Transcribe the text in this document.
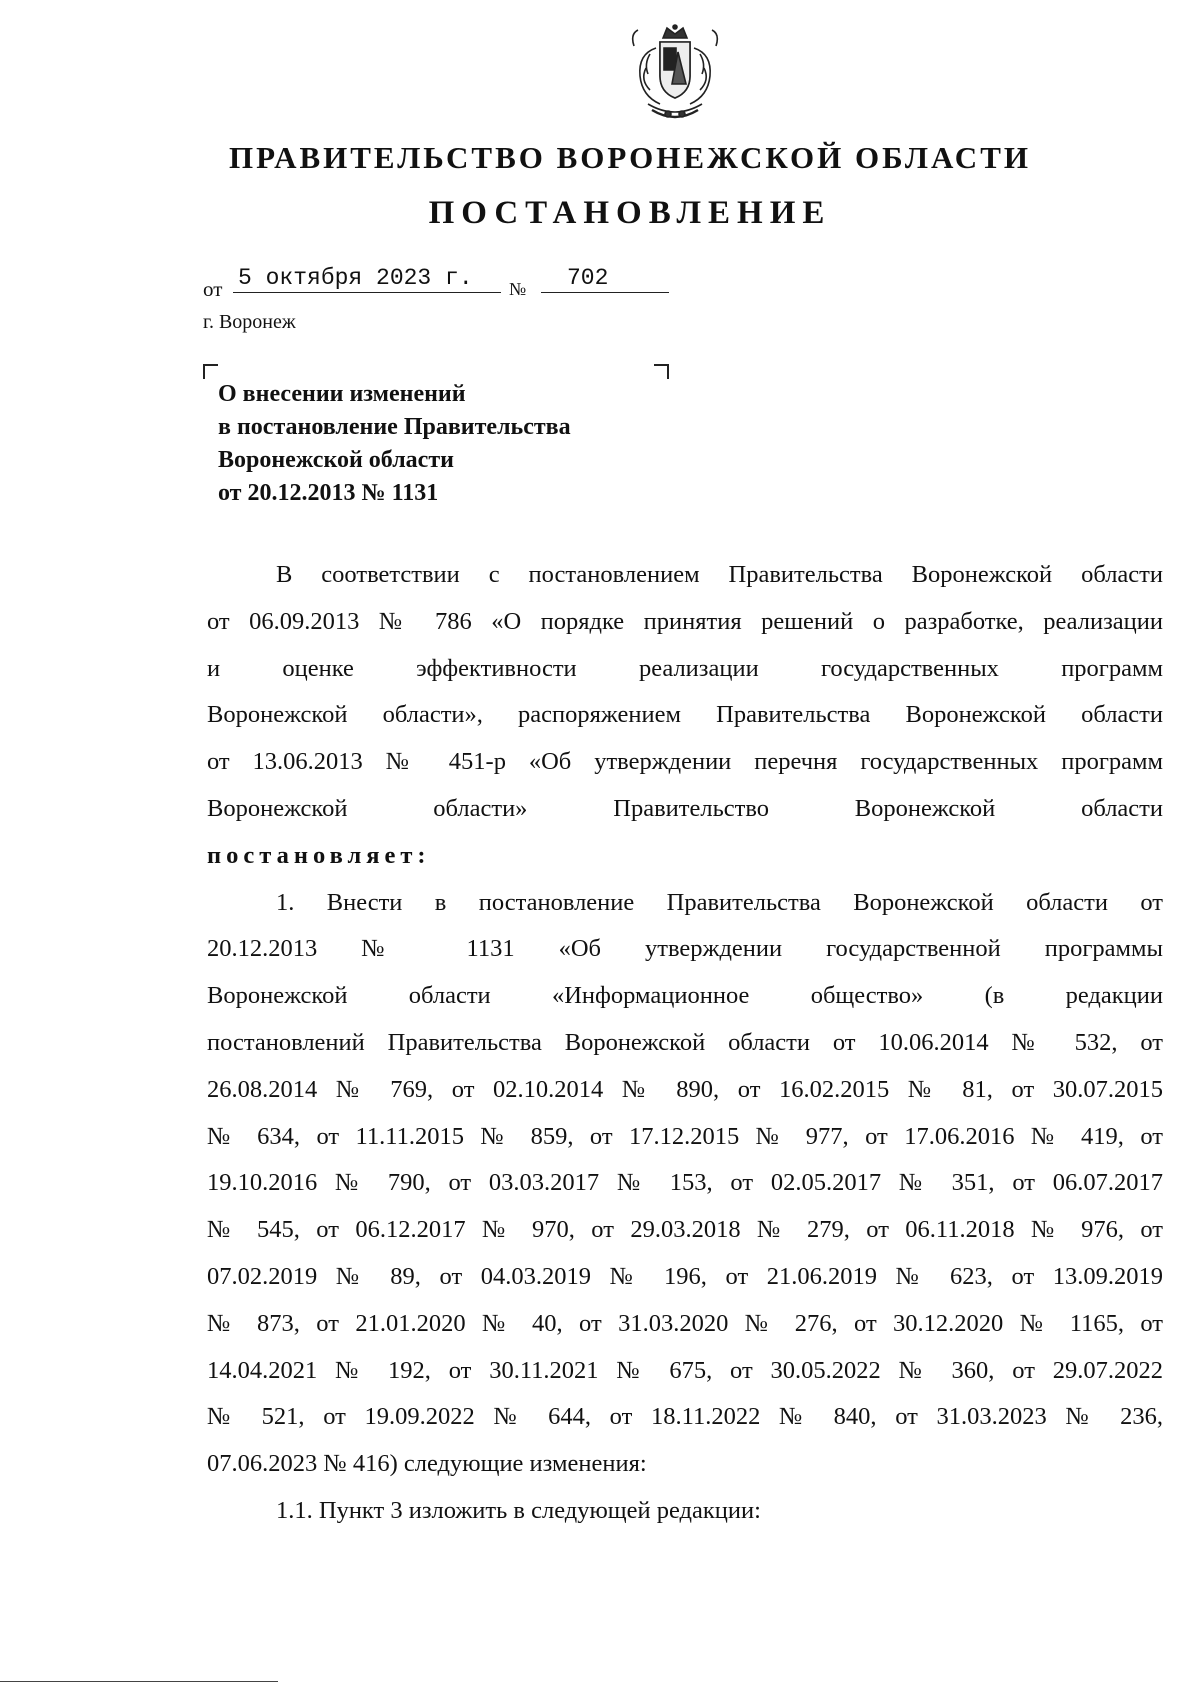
ПРАВИТЕЛЬСТВО ВОРОНЕЖСКОЙ ОБЛАСТИ
ПОСТАНОВЛЕНИЕ
от 5 октября 2023 г. № 702
г. Воронеж
О внесении изменений
в постановление Правительства
Воронежской области
от 20.12.2013 № 1131

В соответствии с постановлением Правительства Воронежской области

от 06.09.2013 № 786 «О порядке принятия решений о разработке, реализации

и оценке эффективности реализации государственных программ

Воронежской области», распоряжением Правительства Воронежской области

от 13.06.2013 № 451-р «Об утверждении перечня государственных программ

Воронежской области» Правительство Воронежской области

постановляет:

1. Внести в постановление Правительства Воронежской области от

20.12.2013 № 1131 «Об утверждении государственной программы

Воронежской области «Информационное общество» (в редакции

постановлений Правительства Воронежской области от 10.06.2014 № 532, от

26.08.2014 № 769, от 02.10.2014 № 890, от 16.02.2015 № 81, от 30.07.2015

№ 634, от 11.11.2015 № 859, от 17.12.2015 № 977, от 17.06.2016 № 419, от

19.10.2016 № 790, от 03.03.2017 № 153, от 02.05.2017 № 351, от 06.07.2017

№ 545, от 06.12.2017 № 970, от 29.03.2018 № 279, от 06.11.2018 № 976, от

07.02.2019 № 89, от 04.03.2019 № 196, от 21.06.2019 № 623, от 13.09.2019

№ 873, от 21.01.2020 № 40, от 31.03.2020 № 276, от 30.12.2020 № 1165, от

14.04.2021 № 192, от 30.11.2021 № 675, от 30.05.2022 № 360, от 29.07.2022

№ 521, от 19.09.2022 № 644, от 18.11.2022 № 840, от 31.03.2023 № 236,

07.06.2023 № 416) следующие изменения:

1.1. Пункт 3 изложить в следующей редакции:
